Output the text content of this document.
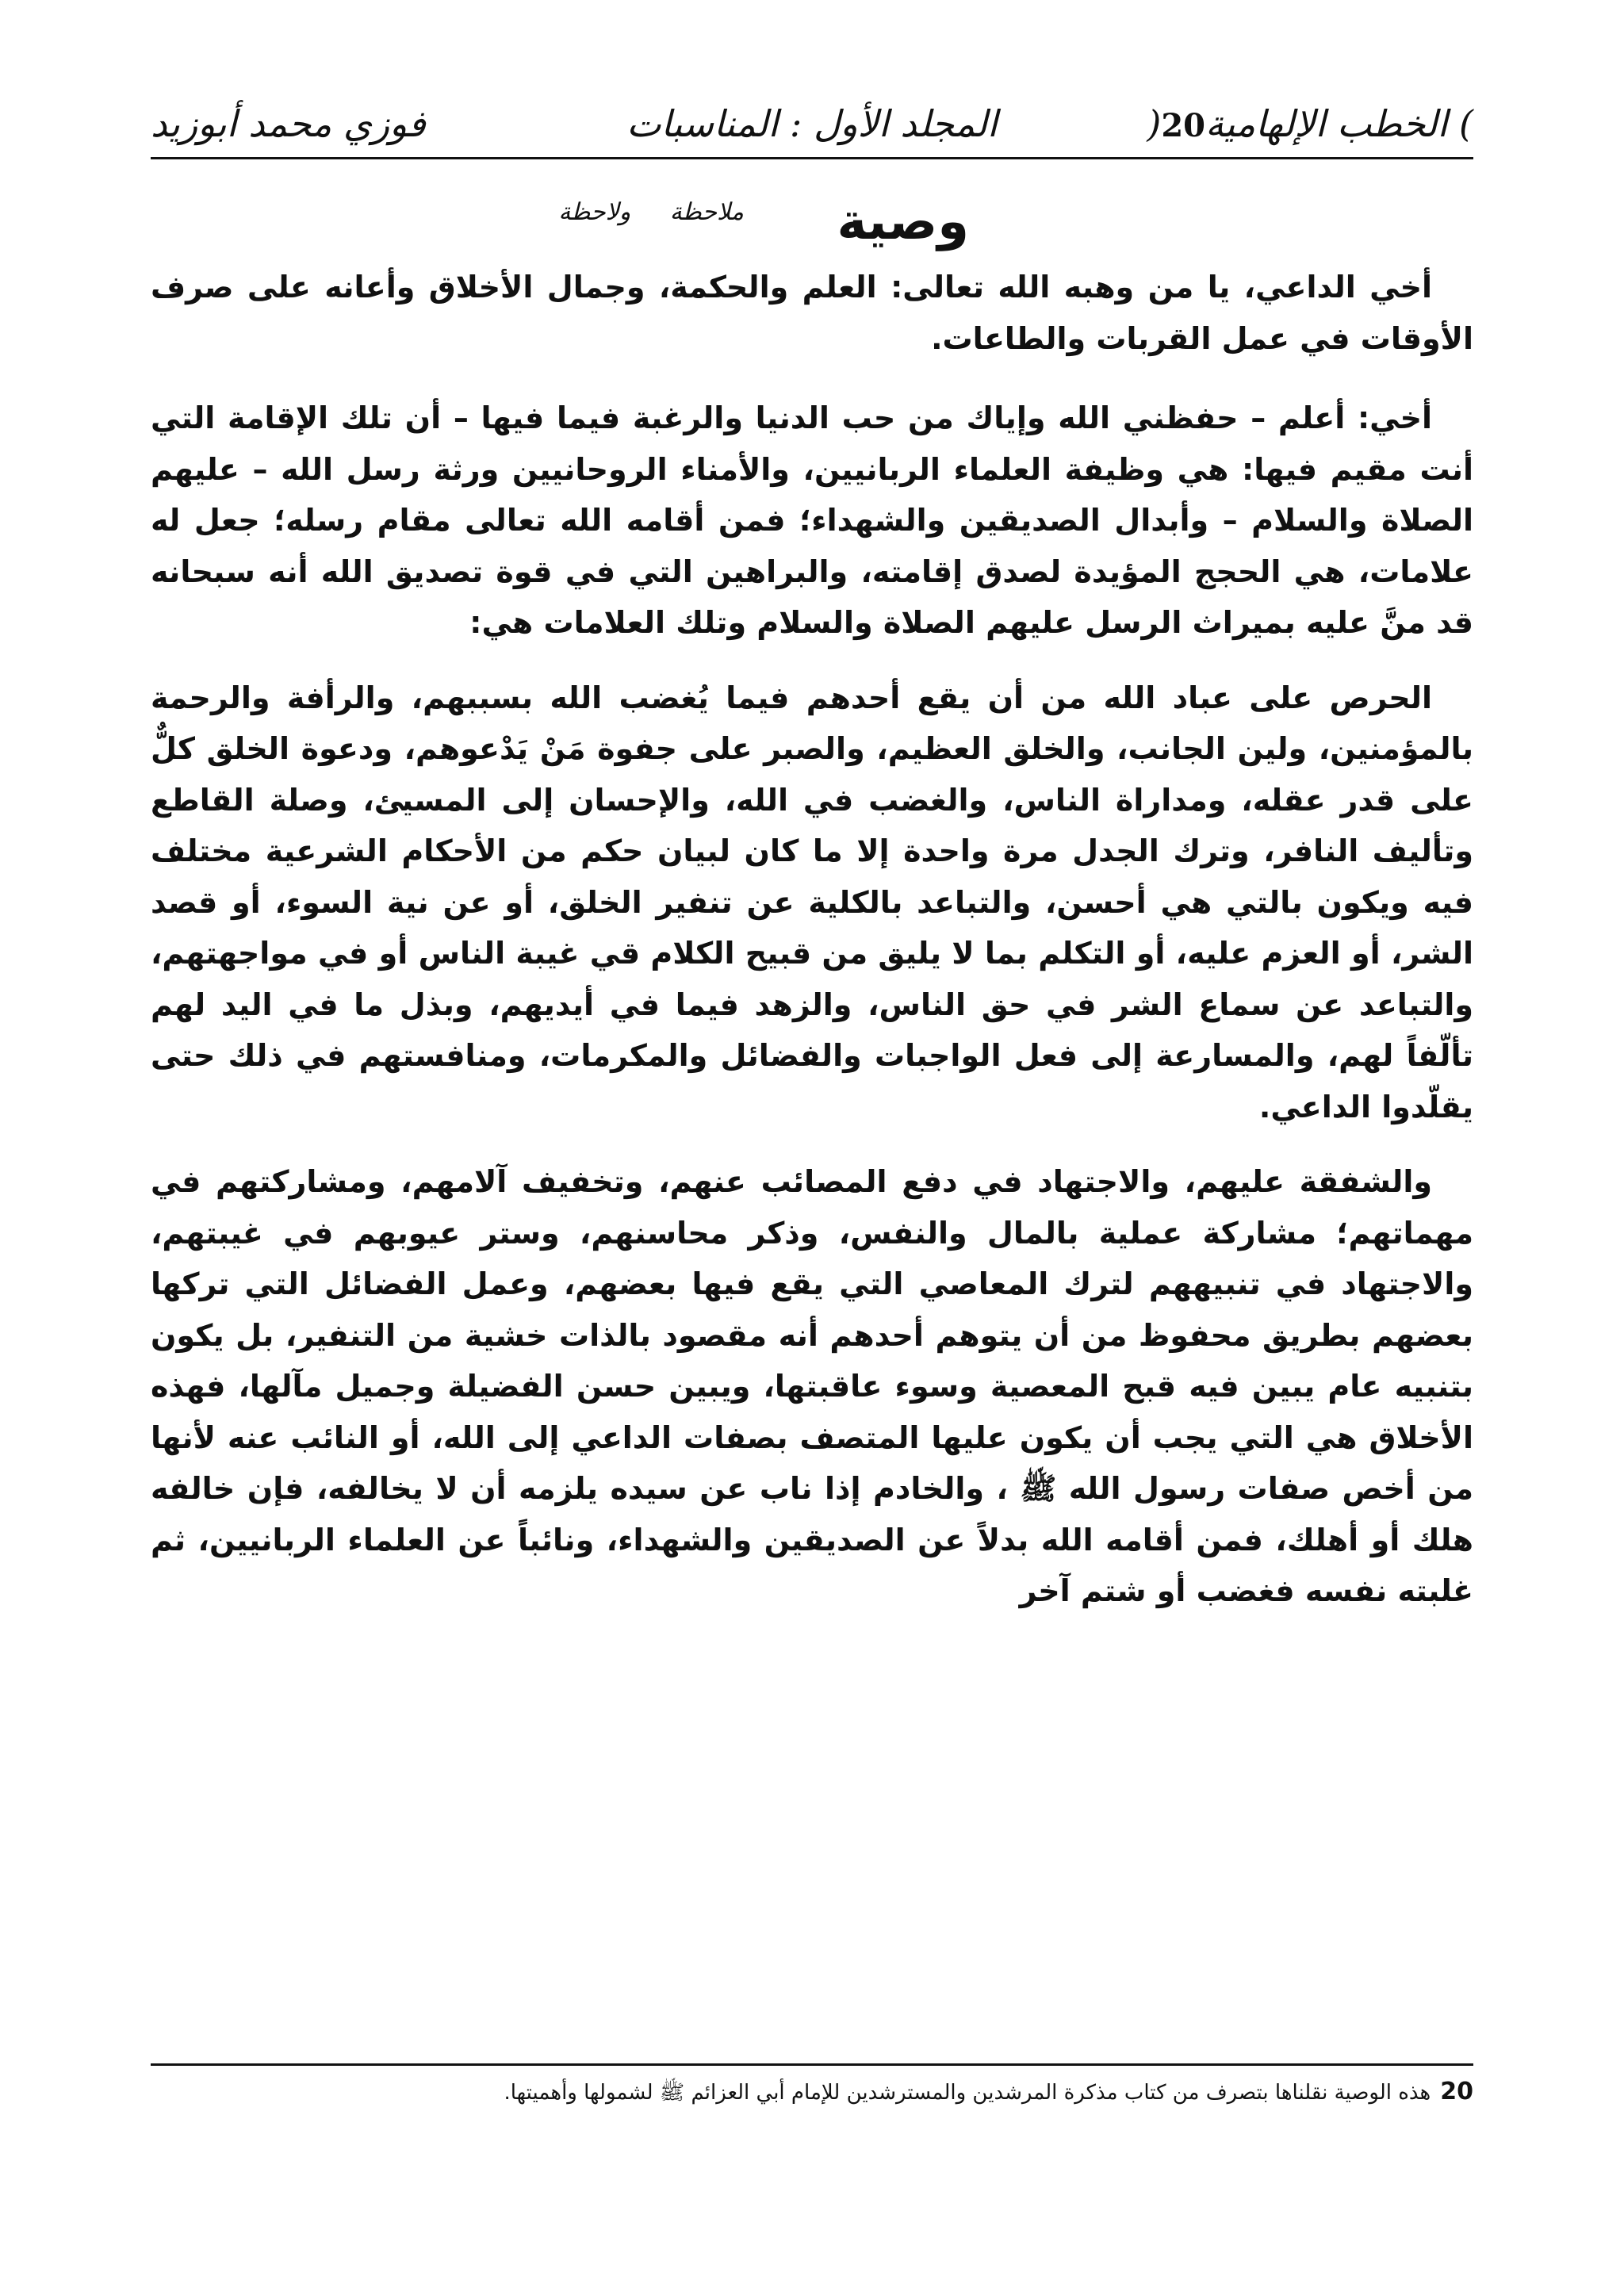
) الخطب الإلهامية20(
المجلد الأول : المناسبات
فوزي محمد أبوزيد
وصية
ملاحظة ولاحظة

أخي الداعي، يا من وهبه الله تعالى: العلم والحكمة، وجمال الأخلاق وأعانه على صرف الأوقات في عمل القربات والطاعات.

أخي: أعلم – حفظني الله وإياك من حب الدنيا والرغبة فيما فيها – أن تلك الإقامة التي أنت مقيم فيها: هي وظيفة العلماء الربانيين، والأمناء الروحانيين ورثة رسل الله – عليهم الصلاة والسلام – وأبدال الصديقين والشهداء؛ فمن أقامه الله تعالى مقام رسله؛ جعل له علامات، هي الحجج المؤيدة لصدق إقامته، والبراهين التي في قوة تصديق الله أنه سبحانه قد منَّ عليه بميراث الرسل عليهم الصلاة والسلام وتلك العلامات هي:

الحرص على عباد الله من أن يقع أحدهم فيما يُغضب الله بسببهم، والرأفة والرحمة بالمؤمنين، ولين الجانب، والخلق العظيم، والصبر على جفوة مَنْ يَدْعوهم، ودعوة الخلق كلٌّ على قدر عقله، ومداراة الناس، والغضب في الله، والإحسان إلى المسيئ، وصلة القاطع وتأليف النافر، وترك الجدل مرة واحدة إلا ما كان لبيان حكم من الأحكام الشرعية مختلف فيه ويكون بالتي هي أحسن، والتباعد بالكلية عن تنفير الخلق، أو عن نية السوء، أو قصد الشر، أو العزم عليه، أو التكلم بما لا يليق من قبيح الكلام قي غيبة الناس أو في مواجهتهم، والتباعد عن سماع الشر في حق الناس، والزهد فيما في أيديهم، وبذل ما في اليد لهم تألّفاً لهم، والمسارعة إلى فعل الواجبات والفضائل والمكرمات، ومنافستهم في ذلك حتى يقلّدوا الداعي.

والشفقة عليهم، والاجتهاد في دفع المصائب عنهم، وتخفيف آلامهم، ومشاركتهم في مهماتهم؛ مشاركة عملية بالمال والنفس، وذكر محاسنهم، وستر عيوبهم في غيبتهم، والاجتهاد في تنبيههم لترك المعاصي التي يقع فيها بعضهم، وعمل الفضائل التي تركها بعضهم بطريق محفوظ من أن يتوهم أحدهم أنه مقصود بالذات خشية من التنفير، بل يكون بتنبيه عام يبين فيه قبح المعصية وسوء عاقبتها، ويبين حسن الفضيلة وجميل مآلها، فهذه الأخلاق هي التي يجب أن يكون عليها المتصف بصفات الداعي إلى الله، أو النائب عنه لأنها من أخص صفات رسول الله ﷺ ، والخادم إذا ناب عن سيده يلزمه أن لا يخالفه، فإن خالفه هلك أو أهلك، فمن أقامه الله بدلاً عن الصديقين والشهداء، ونائباً عن العلماء الربانيين، ثم غلبته نفسه فغضب أو شتم آخر

20هذه الوصية نقلناها بتصرف من كتاب مذكرة المرشدين والمسترشدين للإمام أبي العزائم ﷺ لشمولها وأهميتها.
